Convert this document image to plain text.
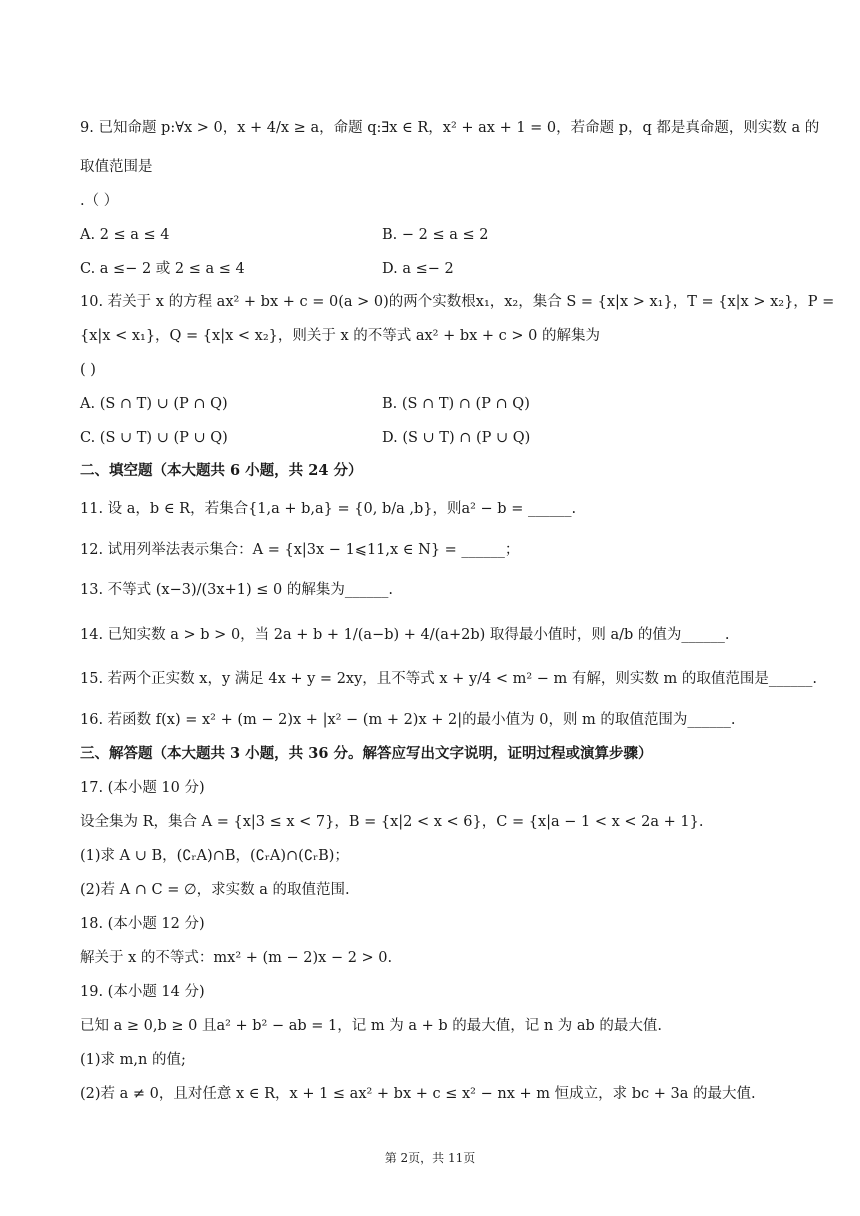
9. 已知命题 p:∀x > 0，x + 4/x ≥ a，命题 q:∃x ∈ R，x² + ax + 1 = 0，若命题 p，q 都是真命题，则实数 a 的
取值范围是
.（ ）
A. 2 ≤ a ≤ 4	B. − 2 ≤ a ≤ 2
C. a ≤− 2 或 2 ≤ a ≤ 4	D. a ≤− 2
10. 若关于 x 的方程 ax² + bx + c = 0(a > 0)的两个实数根x₁，x₂，集合 S = {x|x > x₁}，T = {x|x > x₂}，P =
{x|x < x₁}，Q = {x|x < x₂}，则关于 x 的不等式 ax² + bx + c > 0 的解集为
( )
A. (S ∩ T) ∪ (P ∩ Q)	B. (S ∩ T) ∩ (P ∩ Q)
C. (S ∪ T) ∪ (P ∪ Q)	D. (S ∪ T) ∩ (P ∪ Q)
二、填空题（本大题共 6 小题，共 24 分）
11. 设 a，b ∈ R，若集合{1,a + b,a} = {0, b/a ,b}，则a² − b = ______.
12. 试用列举法表示集合：A = {x|3x − 1⩽11,x ∈ N} = ______；
13. 不等式 (x−3)/(3x+1) ≤ 0 的解集为______.
14. 已知实数 a > b > 0，当 2a + b + 1/(a−b) + 4/(a+2b) 取得最小值时，则 a/b 的值为______.
15. 若两个正实数 x，y 满足 4x + y = 2xy，且不等式 x + y/4 < m² − m 有解，则实数 m 的取值范围是______.
16. 若函数 f(x) = x² + (m − 2)x + |x² − (m + 2)x + 2|的最小值为 0，则 m 的取值范围为______.
三、解答题（本大题共 3 小题，共 36 分。解答应写出文字说明，证明过程或演算步骤）
17. (本小题 10 分)
设全集为 R，集合 A = {x|3 ≤ x < 7}，B = {x|2 < x < 6}，C = {x|a − 1 < x < 2a + 1}.
(1)求 A ∪ B，(∁ᵣA)∩B，(∁ᵣA)∩(∁ᵣB)；
(2)若 A ∩ C = ∅，求实数 a 的取值范围.
18. (本小题 12 分)
解关于 x 的不等式：mx² + (m − 2)x − 2 > 0.
19. (本小题 14 分)
已知 a ≥ 0,b ≥ 0 且a² + b² − ab = 1，记 m 为 a + b 的最大值，记 n 为 ab 的最大值.
(1)求 m,n 的值;
(2)若 a ≠ 0，且对任意 x ∈ R，x + 1 ≤ ax² + bx + c ≤ x² − nx + m 恒成立，求 bc + 3a 的最大值.
第 2页，共 11页
